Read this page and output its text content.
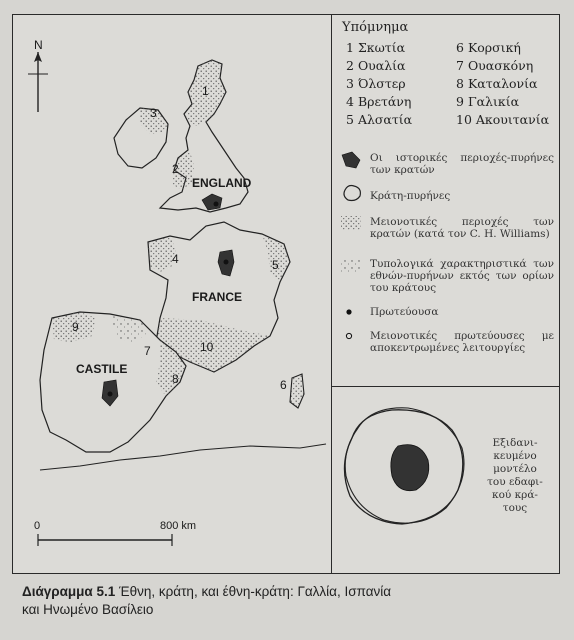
N
ENGLAND
FRANCE
CASTILE
1
2
3
4	5
6
7
8
9
10
0	800 km
Υπόμνημα
1 Σκωτία
2 Ουαλία
3 Όλστερ
4 Βρετάνη
5 Αλσατία
6 Κορσική
7 Ουασκόνη
8 Καταλονία
9 Γαλικία
10 Ακουιτανία
Οι ιστορικές περιοχές-πυρήνες των κρατών
Κράτη-πυρήνες
Μειονοτικές περιοχές των κρατών (κατά τον C. H. Williams)
Τυπολογικά χαρακτηριστικά των εθνών-πυρήνων εκτός των ορίων του κράτους
Πρωτεύουσα
Μειονοτικές πρωτεύουσες με αποκεντρωμένες λειτουργίες
Εξιδανι-
κευμένο
μοντέλο
του εδαφι-
κού κρά-
τους
Διάγραμμα 5.1 Έθνη, κράτη, και έθνη-κράτη: Γαλλία, Ισπανία
και Ηνωμένο Βασίλειο
